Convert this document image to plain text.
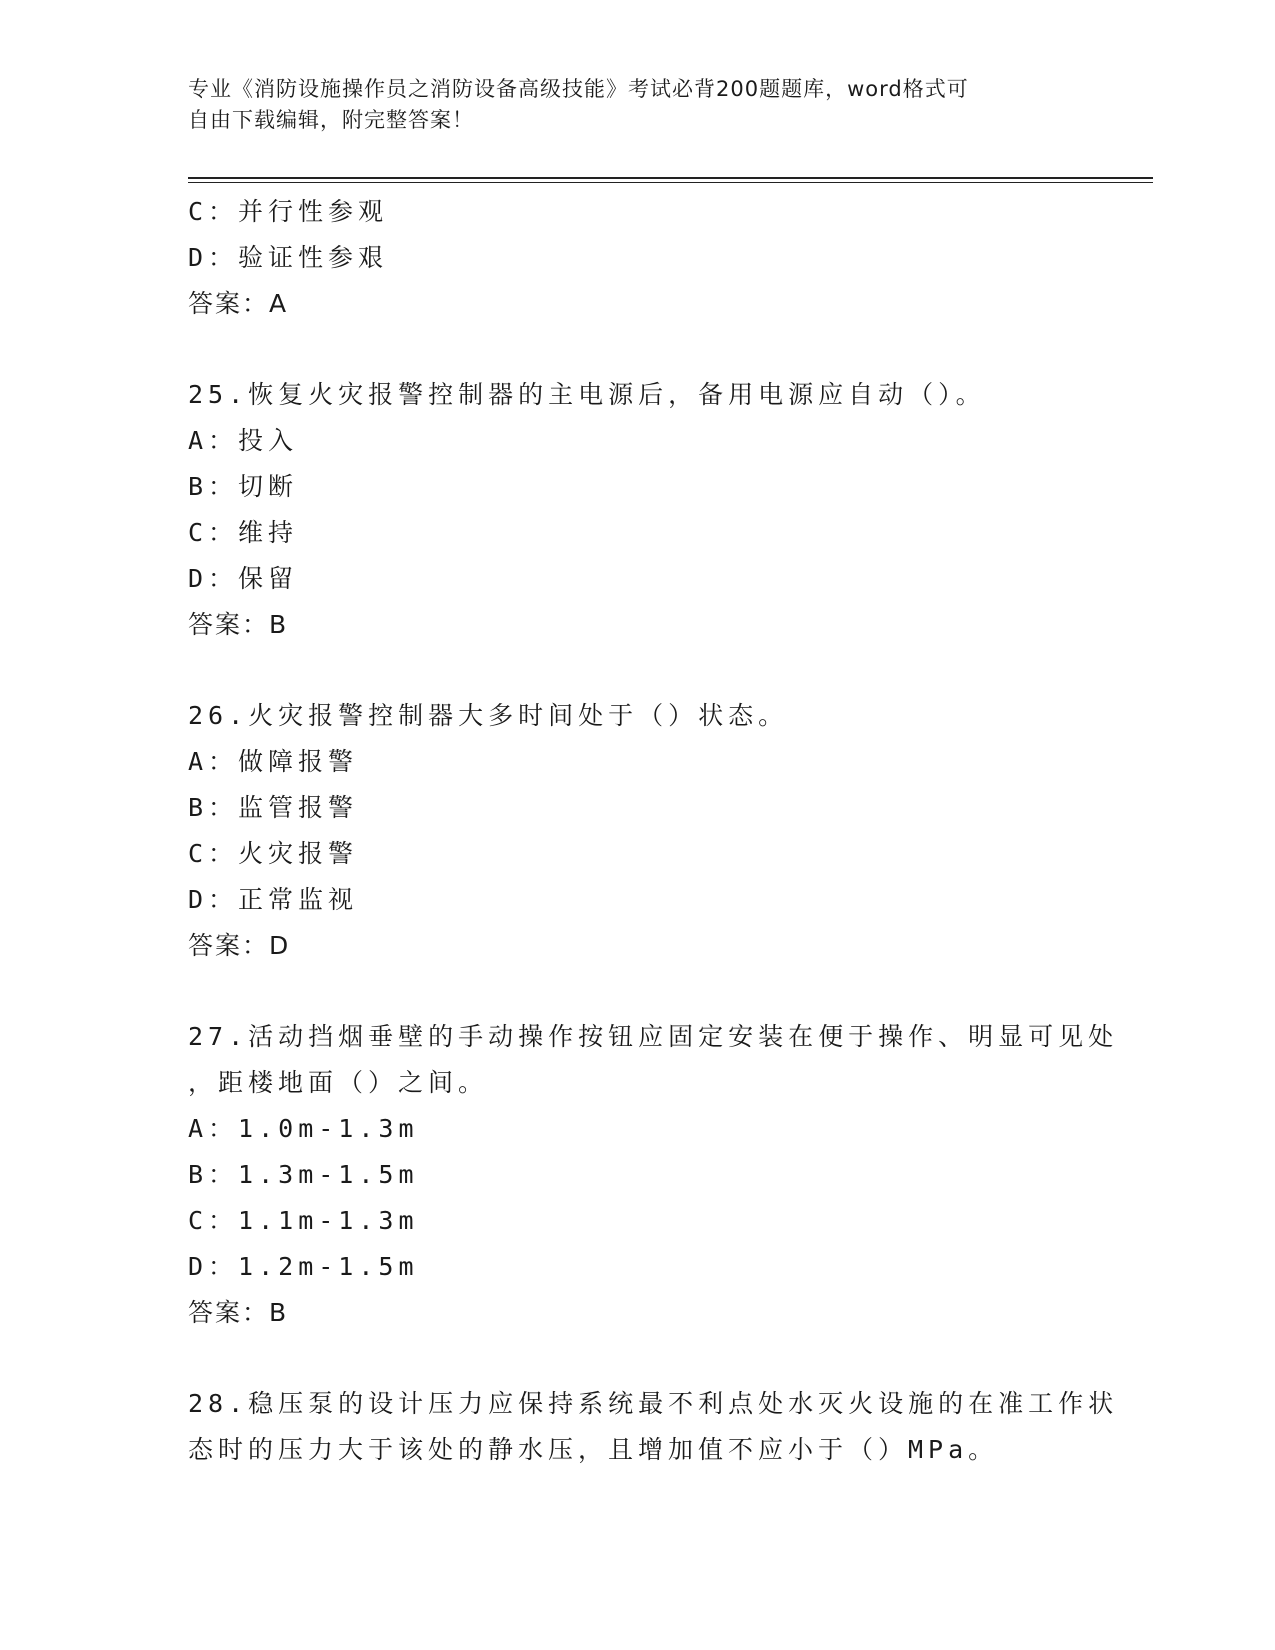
专业《消防设施操作员之消防设备高级技能》考试必背200题题库，word格式可
自由下载编辑，附完整答案！
C：并行性参观
D：验证性参艰
答案：A
25.恢复火灾报警控制器的主电源后，备用电源应自动（）。
A：投入
B：切断
C：维持
D：保留
答案：B
26.火灾报警控制器大多时间处于（）状态。
A：做障报警
B：监管报警
C：火灾报警
D：正常监视
答案：D
27.活动挡烟垂壁的手动操作按钮应固定安装在便于操作、明显可见处
，距楼地面（）之间。
A：1.0m-1.3m
B：1.3m-1.5m
C：1.1m-1.3m
D：1.2m-1.5m
答案：B
28.稳压泵的设计压力应保持系统最不利点处水灭火设施的在准工作状
态时的压力大于该处的静水压，且增加值不应小于（）MPa。
